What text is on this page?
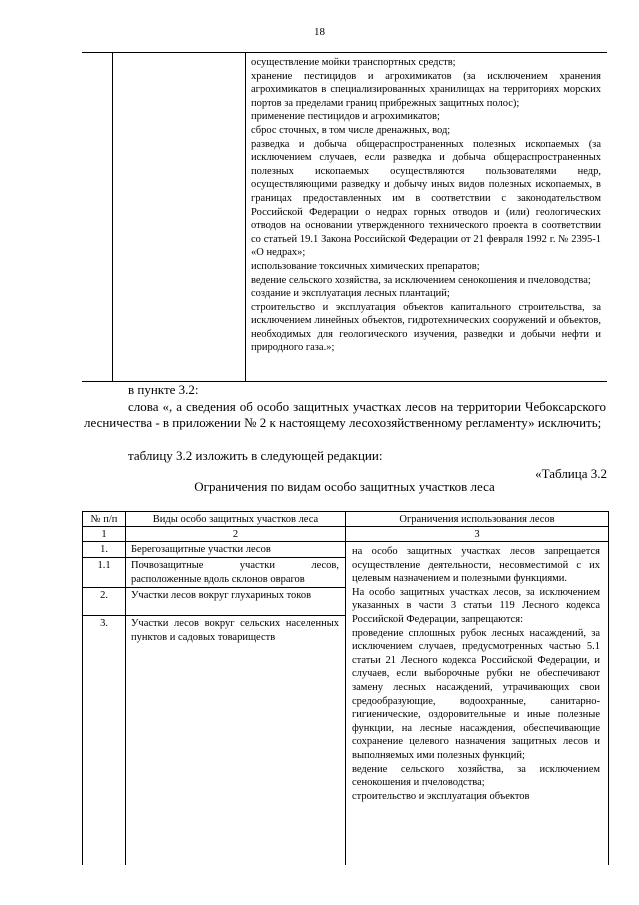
18
осуществление мойки транспортных средств;
хранение пестицидов и агрохимикатов (за исключением хранения агрохимикатов в специализированных хранилищах на территориях морских портов за пределами границ прибрежных защитных полос);
применение пестицидов и агрохимикатов;
сброс сточных, в том числе дренажных, вод;
разведка и добыча общераспространенных полезных ископаемых (за исключением случаев, если разведка и добыча общераспространенных полезных ископаемых осуществляются пользователями недр, осуществляющими разведку и добычу иных видов полезных ископаемых, в границах предоставленных им в соответствии с законодательством Российской Федерации о недрах горных отводов и (или) геологических отводов на основании утвержденного технического проекта в соответствии со статьей 19.1 Закона Российской Федерации от 21 февраля 1992 г. № 2395-1 «О недрах»;
использование токсичных химических препаратов;
ведение сельского хозяйства, за исключением сенокошения и пчеловодства;
создание и эксплуатация лесных плантаций;
строительство и эксплуатация объектов капитального строительства, за исключением линейных объектов, гидротехнических сооружений и объектов, необходимых для геологического изучения, разведки и добычи нефти и природного газа.»;
в пункте 3.2:
слова «, а сведения об особо защитных участках лесов на территории Чебоксарского лесничества - в приложении № 2 к настоящему лесохозяйственному регламенту» исключить;
таблицу 3.2 изложить в следующей редакции:
«Таблица 3.2
Ограничения по видам особо защитных участков леса
№ п/п	Виды особо защитных участков леса	Ограничения использования лесов
1	2	3
1.	Берегозащитные участки лесов
1.1	Почвозащитные участки лесов, расположенные вдоль склонов оврагов
2.	Участки лесов вокруг глухариных токов
3.	Участки лесов вокруг сельских населенных пунктов и садовых товариществ
на особо защитных участках лесов запрещается осуществление деятельности, несовместимой с их целевым назначением и полезными функциями.
На особо защитных участках лесов, за исключением указанных в части 3 статьи 119 Лесного кодекса Российской Федерации, запрещаются:
проведение сплошных рубок лесных насаждений, за исключением случаев, предусмотренных частью 5.1 статьи 21 Лесного кодекса Российской Федерации, и случаев, если выборочные рубки не обеспечивают замену лесных насаждений, утрачивающих свои средообразующие, водоохранные, санитарно-гигиенические, оздоровительные и иные полезные функции, на лесные насаждения, обеспечивающие сохранение целевого назначения защитных лесов и выполняемых ими полезных функций;
ведение сельского хозяйства, за исключением сенокошения и пчеловодства;
строительство и эксплуатация объектов
